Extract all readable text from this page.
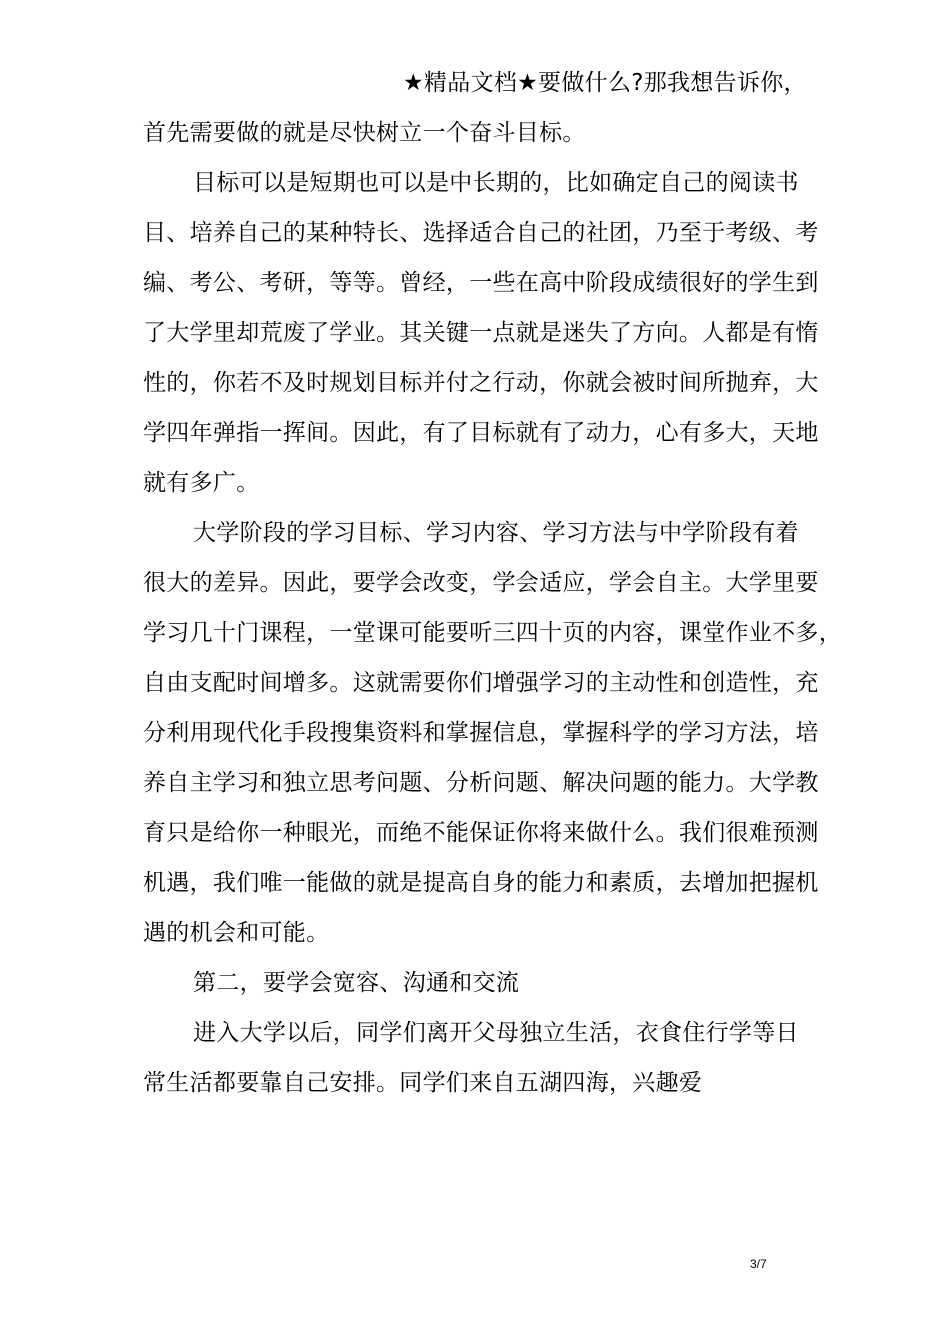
★精品文档★要做什么?那我想告诉你，
首先需要做的就是尽快树立一个奋斗目标。
目标可以是短期也可以是中长期的，比如确定自己的阅读书
目、培养自己的某种特长、选择适合自己的社团，乃至于考级、考
编、考公、考研，等等。曾经，一些在高中阶段成绩很好的学生到
了大学里却荒废了学业。其关键一点就是迷失了方向。人都是有惰
性的，你若不及时规划目标并付之行动，你就会被时间所抛弃，大
学四年弹指一挥间。因此，有了目标就有了动力，心有多大，天地
就有多广。
大学阶段的学习目标、学习内容、学习方法与中学阶段有着
很大的差异。因此，要学会改变，学会适应，学会自主。大学里要
学习几十门课程，一堂课可能要听三四十页的内容，课堂作业不多，
自由支配时间增多。这就需要你们增强学习的主动性和创造性，充
分利用现代化手段搜集资料和掌握信息，掌握科学的学习方法，培
养自主学习和独立思考问题、分析问题、解决问题的能力。大学教
育只是给你一种眼光，而绝不能保证你将来做什么。我们很难预测
机遇，我们唯一能做的就是提高自身的能力和素质，去增加把握机
遇的机会和可能。
第二，要学会宽容、沟通和交流
进入大学以后，同学们离开父母独立生活，衣食住行学等日
常生活都要靠自己安排。同学们来自五湖四海，兴趣爱
3/7
